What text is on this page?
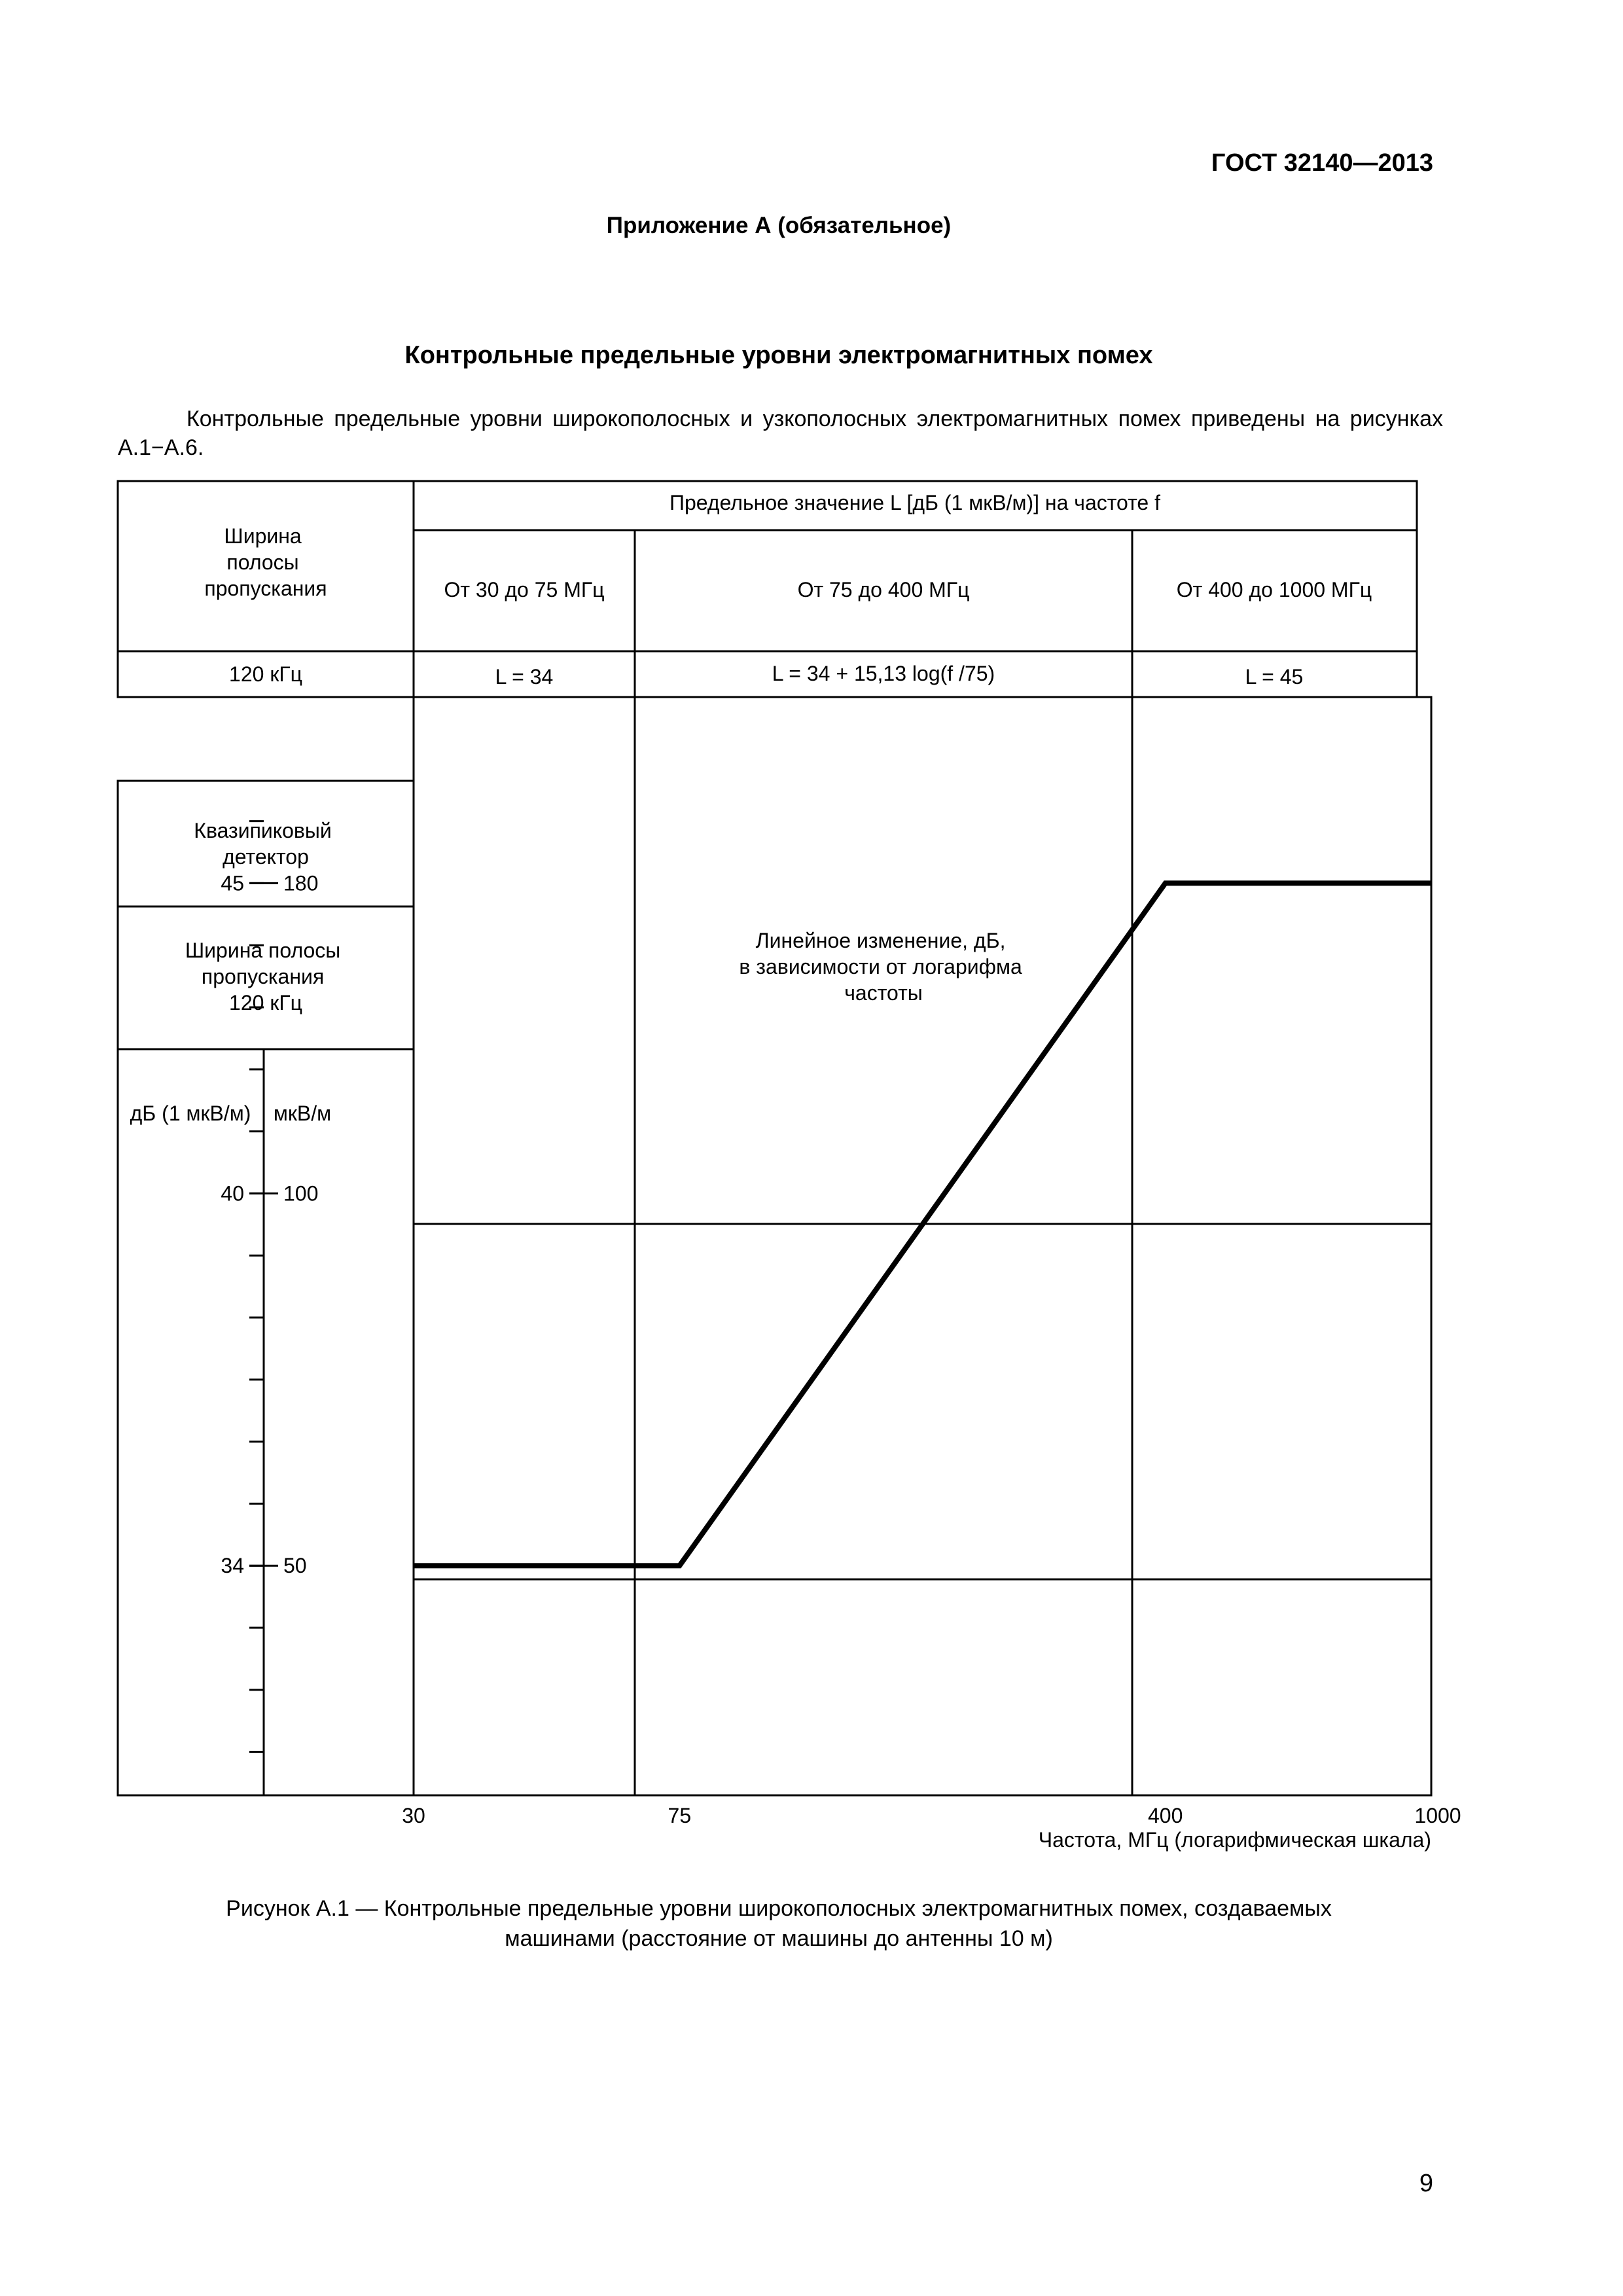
ГОСТ 32140—2013
Приложение А (обязательное)
Контрольные предельные уровни электромагнитных помех
Контрольные предельные уровни широкополосных и узкополосных электромагнитных помех приведены на рисунках А.1−А.6.
Ширина полосы пропускания
Предельное значение L [дБ (1 мкВ/м)] на частоте f
От 30 до 75 МГц	От 75 до 400 МГц	От 400 до 1000 МГц
120 кГц	L = 34	L = 34 + 15,13 log(f /75)	L = 45
Квазипиковый детектор
Ширина полосы пропускания 120 кГц
дБ (1 мкВ/м) мкВ/м
Линейное изменение, дБ, в зависимости от логарифма частоты
45 180
40 100
34 50
30	75	400	1000
Частота, МГц (логарифмическая шкала)
Рисунок А.1 — Контрольные предельные уровни широкополосных электромагнитных помех, создаваемых
машинами (расстояние от машины до антенны 10 м)
9
